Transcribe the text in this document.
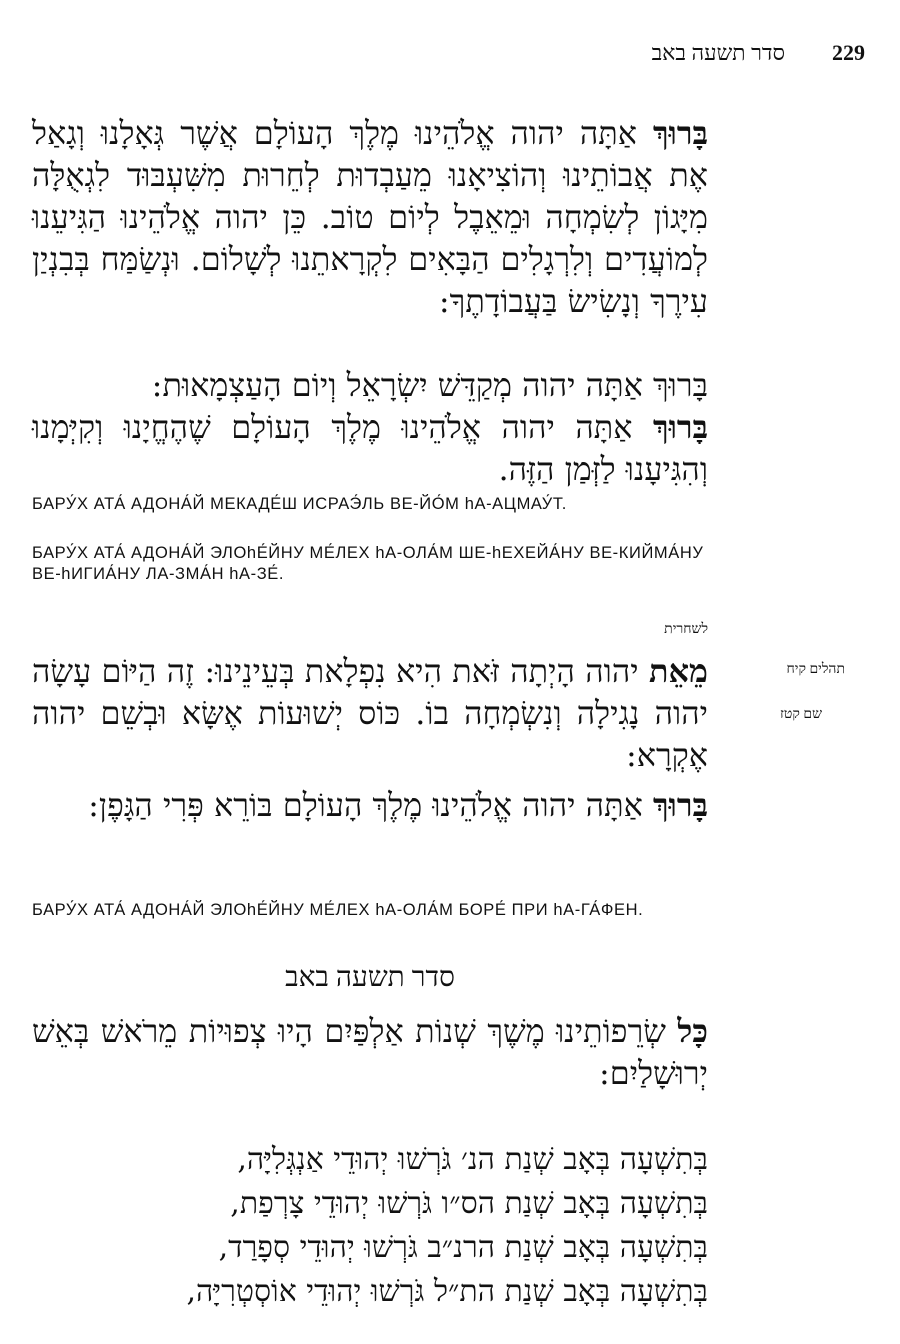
229
סדר תשעה באב

בָּרוּךְ אַתָּה יהוה אֱלֹהֵינוּ מֶלֶךְ הָעוֹלָם אֲשֶׁר גְּאָלָנוּ וְגָאַל אֶת אֲבוֹתֵינוּ וְהוֹצִיאָנוּ מֵעַבְדוּת לְחֵרוּת מִשִּׁעְבּוּד לִגְאֻלָּה מִיָּגוֹן לְשִׂמְחָה וּמֵאֵבֶל לְיוֹם טוֹב. כֵּן יהוה אֱלֹהֵינוּ הַגִּיעֵנוּ לְמוֹעֲדִים וְלִרְגָלִים הַבָּאִים לִקְרָאתֵנוּ לְשָׁלוֹם. וּנְשַׂמַּח בְּבִנְיַן עִירֶךָ וְנָשִׂישׂ בַּעֲבוֹדָתֶךָ:

בָּרוּךְ אַתָּה יהוה מְקַדֵּשׁ יִשְׂרָאֵל וְיוֹם הָעַצְמָאוּת:

בָּרוּךְ אַתָּה יהוה אֱלֹהֵינוּ מֶלֶךְ הָעוֹלָם שֶׁהֶחֱיָנוּ וְקִיְּמָנוּ וְהִגִּיעָנוּ לַזְּמַן הַזֶּה.

БАРУ́Х АТА́ АДОНА́Й МЕКАДЕ́Ш ИСРАЭ́ЛЬ ВЕ-ЙО́М hА-АЦМАУ́Т.

БАРУ́Х АТА́ АДОНА́Й ЭЛОhЕ́ЙНУ МЕ́ЛЕХ hА-ОЛА́М ШЕ-hЕХЕЙА́НУ ВЕ-КИЙМА́НУ ВЕ-hИГИА́НУ ЛА-ЗМА́Н hА-ЗЕ́.

לשחרית
תהלים קיח
שם קטז

מֵאֵת יהוה הָיְתָה זֹּאת הִיא נִפְלָאת בְּעֵינֵינוּ: זֶה הַיּוֹם עָשָׂה יהוה נָגִילָה וְנִשְׂמְחָה בוֹ. כּוֹס יְשׁוּעוֹת אֶשָּׂא וּבְשֵׁם יהוה אֶקְרָא:

בָּרוּךְ אַתָּה יהוה אֱלֹהֵינוּ מֶלֶךְ הָעוֹלָם בּוֹרֵא פְּרִי הַגָּפֶן:

БАРУ́Х АТА́ АДОНА́Й ЭЛОhЕ́ЙНУ МЕ́ЛЕХ hА-ОЛА́М БОРЕ́ ПРИ hА-ГА́ФЕН.

סדר תשעה באב

כָּל שְׂרֵפוֹתֵינוּ מֶשֶׁךְ שְׁנוֹת אַלְפַּיִם הָיוּ צְפוּיוֹת מֵרֹאשׁ בְּאֵשׁ יְרוּשָׁלַיִם:

בְּתִשְׁעָה בְּאָב שְׁנַת הנ׳ גֹּרְשׁוּ יְהוּדֵי אַנְגְּלִיָּה,
בְּתִשְׁעָה בְּאָב שְׁנַת הס״ו גֹּרְשׁוּ יְהוּדֵי צָרְפַת,
בְּתִשְׁעָה בְּאָב שְׁנַת הרנ״ב גֹּרְשׁוּ יְהוּדֵי סְפָרַד,
בְּתִשְׁעָה בְּאָב שְׁנַת הת״ל גֹּרְשׁוּ יְהוּדֵי אוֹסְטְרִיָּה,
